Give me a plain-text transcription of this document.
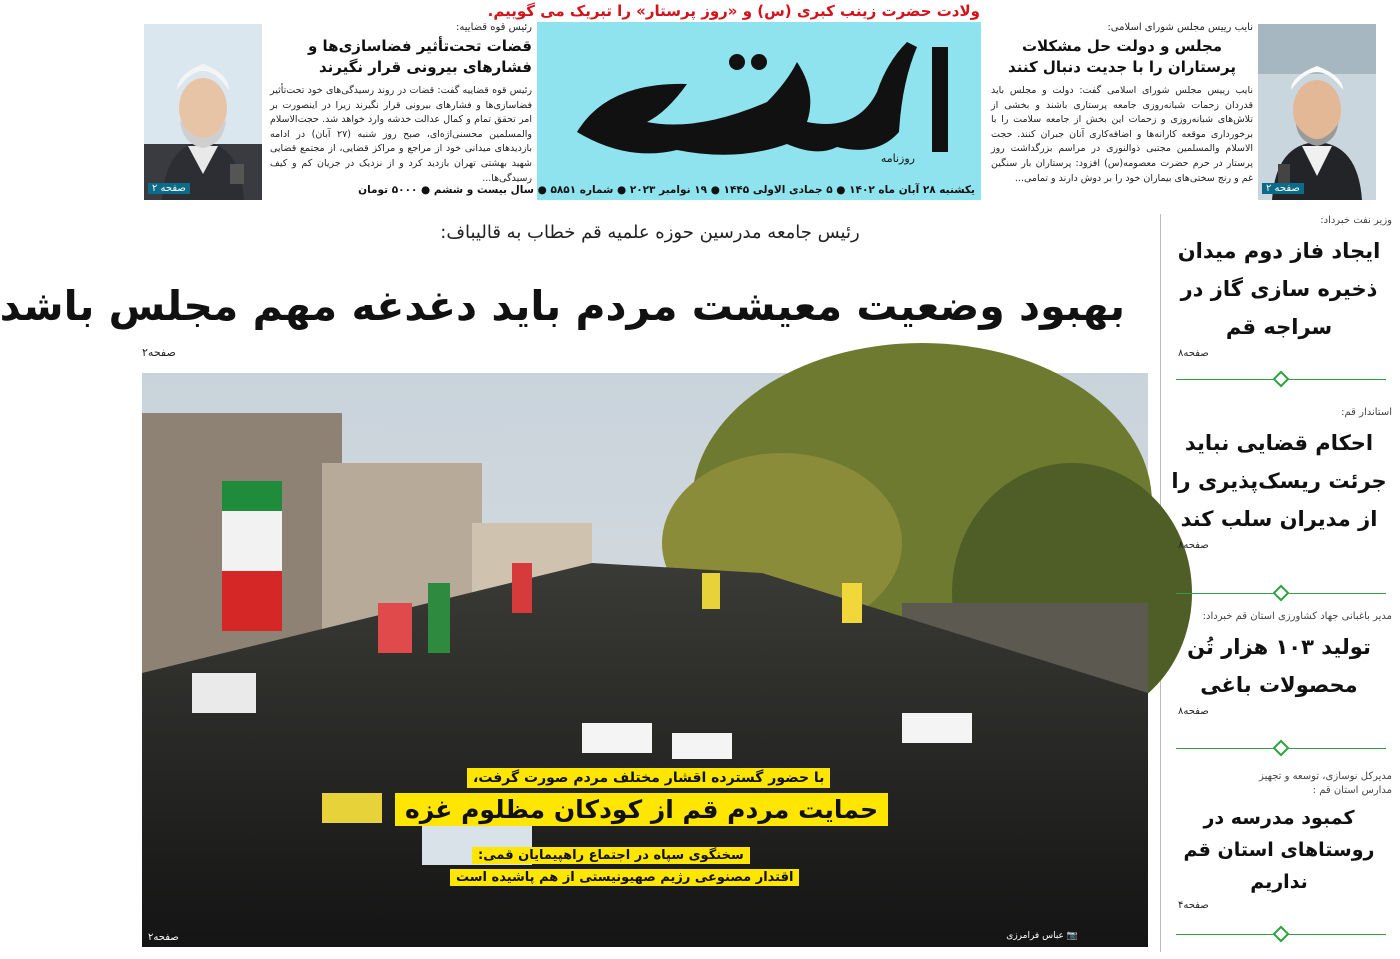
ولادت حضرت زینب کبری (س) و «روز پرستار» را تبریک می گوییم.
صفحه ۲
رئیس قوه قضاییه:
قضات تحت‌تأثیر فضاسازی‌ها و فشارهای بیرونی قرار نگیرند
رئیس قوه قضاییه گفت: قضات در روند رسیدگی‌های خود تحت‌تأثیر فضاسازی‌ها و فشارهای بیرونی قرار نگیرند زیرا در اینصورت بر امر تحقق تمام و کمال عدالت خدشه وارد خواهد شد. حجت‌الاسلام والمسلمین محسنی‌اژه‌ای، صبح روز شنبه (۲۷ آبان) در ادامه بازدیدهای میدانی خود از مراجع و مراکز قضایی، از مجتمع قضایی شهید بهشتی تهران بازدید کرد و از نزدیک در جریان کم و کیف رسیدگی‌ها...
روزنامه
یکشنبه ۲۸ آبان ماه ۱۴۰۲ ● ۵ جمادی الاولی ۱۴۴۵ ● ۱۹ نوامبر ۲۰۲۳ ● شماره ۵۸۵۱ ● سال بیست و ششم ● ۵۰۰۰ تومان	صفحه ۲
نایب رییس مجلس شورای اسلامی:
مجلس و دولت حل مشکلات پرستاران را با جدیت دنبال کنند
نایب رییس مجلس شورای اسلامی گفت: دولت و مجلس باید قدردان زحمات شبانه‌روزی جامعه پرستاری باشند و بخشی از تلاش‌های شبانه‌روزی و زحمات این بخش از جامعه سلامت را با برخورداری موقعه کارانه‌ها و اضافه‌کاری آنان جبران کنند. حجت الاسلام والمسلمین مجتبی ذوالنوری در مراسم بزرگداشت روز پرستار در حرم حضرت معصومه(س) افزود: پرستاران بار سنگین غم و رنج سختی‌های بیماران خود را بر دوش دارند و تمامی...
رئیس جامعه مدرسین حوزه علمیه قم خطاب به قالیباف:
بهبود وضعیت معیشت مردم باید دغدغه مهم مجلس باشد
صفحه۲
با حضور گسترده اقشار مختلف مردم صورت گرفت،
حمایت مردم قم از کودکان مظلوم غزه
سخنگوی سپاه در اجتماع راهپیمایان قمی:
اقتدار مصنوعی رژیم صهیونیستی از هم پاشیده است
📷 عباس فرامرزی
صفحه۲
وزیر نفت خبرداد:
ایجاد فاز دوم میدان ذخیره سازی گاز در سراجه قم
صفحه۸
استاندار قم:
احکام قضایی نباید جرئت ریسک‌پذیری را از مدیران سلب کند
صفحه۸
مدیر باغبانی جهاد کشاورزی استان قم خبرداد:
تولید ۱۰۳ هزار تُن محصولات باغی
صفحه۸
مدیرکل نوسازی، توسعه و تجهیز مدارس استان قم :
کمبود مدرسه در روستاهای استان قم نداریم
صفحه۴
